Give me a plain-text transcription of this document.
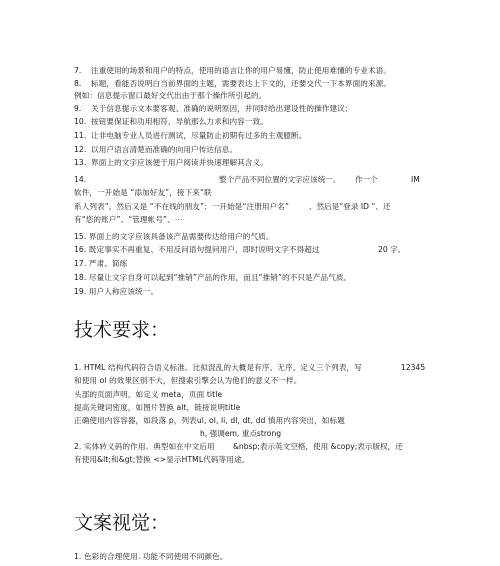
7. 注重使用的场景和用户的特点，使用的语言让你的用户易懂，防止使用难懂的专业术语。
8. 标题，看能否说明白当前界面的主题，需要表达上下文的，还要交代一下本界面的来源。
例如：信息提示窗口最好交代出由于那个操作所引起的。
9. 关于信息提示文本要客观、准确的说明原因，并同时给出建设性的操作建议；
10. 按钮要保证和功用相符，导航那么力求和内容一致。
11. 让非电脑专业人员进行测试，尽量防止初期有过多的主观臆断。
12. 以用户语言清楚而准确的向用户传达信息。
13. 界面上的文字应该便于用户阅读并快速理解其含义。
14.	整个产品不同位置的文字应该统一。 作一个	IM
软件，一开始是 “添加好友”，接下来“联
系人列表”，然后又是 “不在线的朋友”；一开始是“注册用户名”	、然后是“登录 ID ”、还
有“您的账户”、“管理帐号”、⋯
15. 界面上的文字应该具备该产品需要传达给用户的气质。
16. 既定事实不再重复、不用反问语句提问用户，即时说明文字不得超过	20 字。
17. 严肃、简练
18. 尽量让文字自身可以起到“推销”产品的作用，而且“推销”的不只是产品气质。
19. 用户人称应该统一。
技术要求：
1. HTML 结构代码符合语义标准。比拟混乱的大概是有序、无序、定义三个列表，写	12345
和使用 ol 的效果区别不大，但搜索引擎会认为他们的意义不一样。
头部的页面声明，如定义 meta，页面 title
提高关键词密度，如图片替换 alt，链接说明title
正确使用内容容器，如段落 p，列表ul, ol, li, dl, dt, dd 慎用内容突出，如标题
h, 强调em, 重点strong
2. 实体转义码的作用。典型如在中文后用 &nbsp;表示英文空格，使用 &copy;表示版权，还
有使用&lt;和&gt;替换 <>显示HTML代码等用途。
文案视觉：
1. 色彩的合理使用. 功能不同使用不同颜色。
